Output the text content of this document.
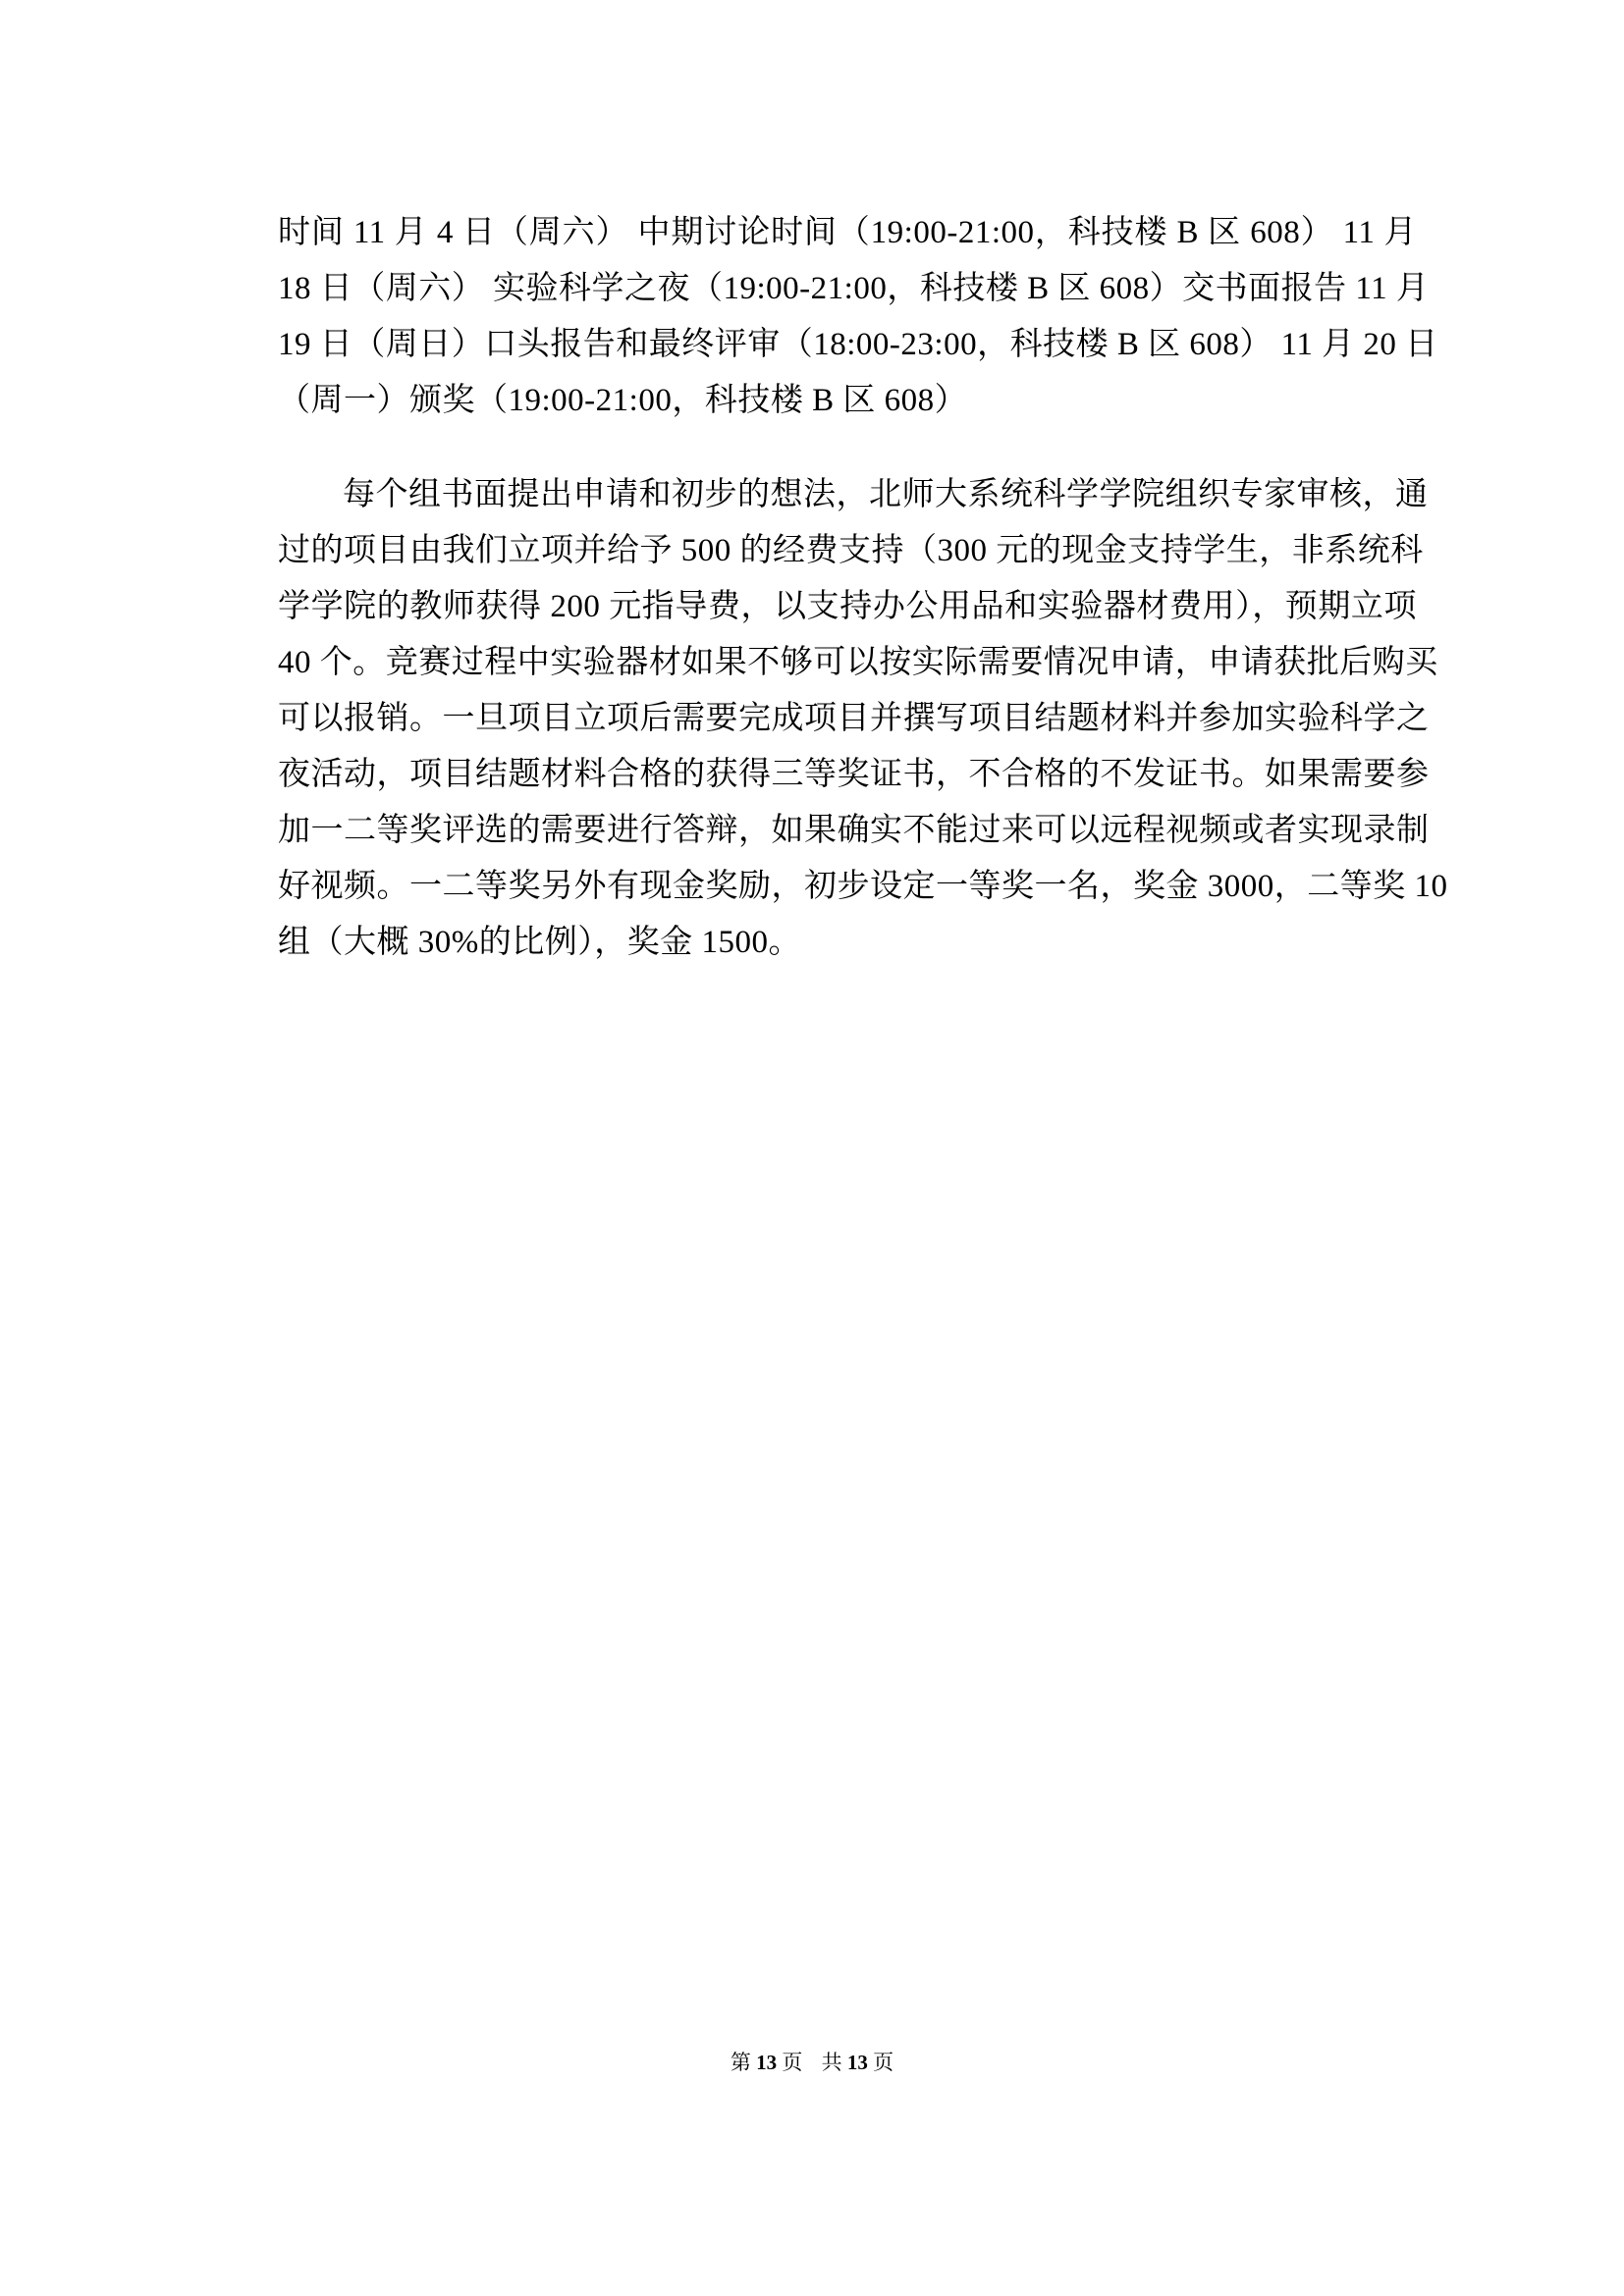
时间 11 月 4 日（周六） 中期讨论时间（19:00-21:00，科技楼 B 区 608） 11 月
18 日（周六） 实验科学之夜（19:00-21:00，科技楼 B 区 608）交书面报告 11 月
19 日（周日）口头报告和最终评审（18:00-23:00，科技楼 B 区 608） 11 月 20 日
（周一）颁奖（19:00-21:00，科技楼 B 区 608）
每个组书面提出申请和初步的想法，北师大系统科学学院组织专家审核，通
过的项目由我们立项并给予 500 的经费支持（300 元的现金支持学生，非系统科
学学院的教师获得 200 元指导费，以支持办公用品和实验器材费用），预期立项
40 个。竞赛过程中实验器材如果不够可以按实际需要情况申请，申请获批后购买
可以报销。一旦项目立项后需要完成项目并撰写项目结题材料并参加实验科学之
夜活动，项目结题材料合格的获得三等奖证书，不合格的不发证书。如果需要参
加一二等奖评选的需要进行答辩，如果确实不能过来可以远程视频或者实现录制
好视频。一二等奖另外有现金奖励，初步设定一等奖一名，奖金 3000，二等奖 10
组（大概 30%的比例），奖金 1500。
第 13 页 共 13 页
